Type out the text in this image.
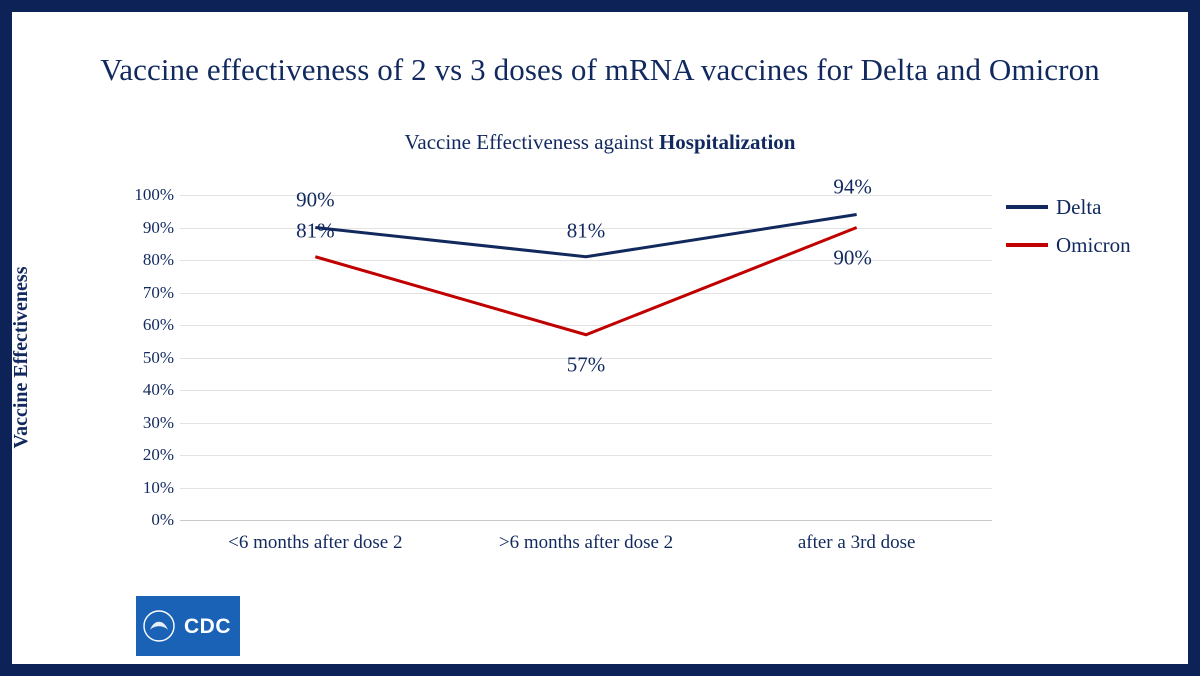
Vaccine effectiveness of 2 vs 3 doses of mRNA vaccines for Delta and Omicron
Vaccine Effectiveness against Hospitalization
Vaccine Effectiveness
0%
10%
20%
30%
40%
50%
60%
70%
80%
90%
100%	90%
81%
94%
81%
57%
90%
<6 months after dose 2	>6 months after dose 2	after a 3rd dose
Delta
Omicron
CDC	Source MMWR: http://dx.doi.org/10.15585/mmwr.mm7104e3.
